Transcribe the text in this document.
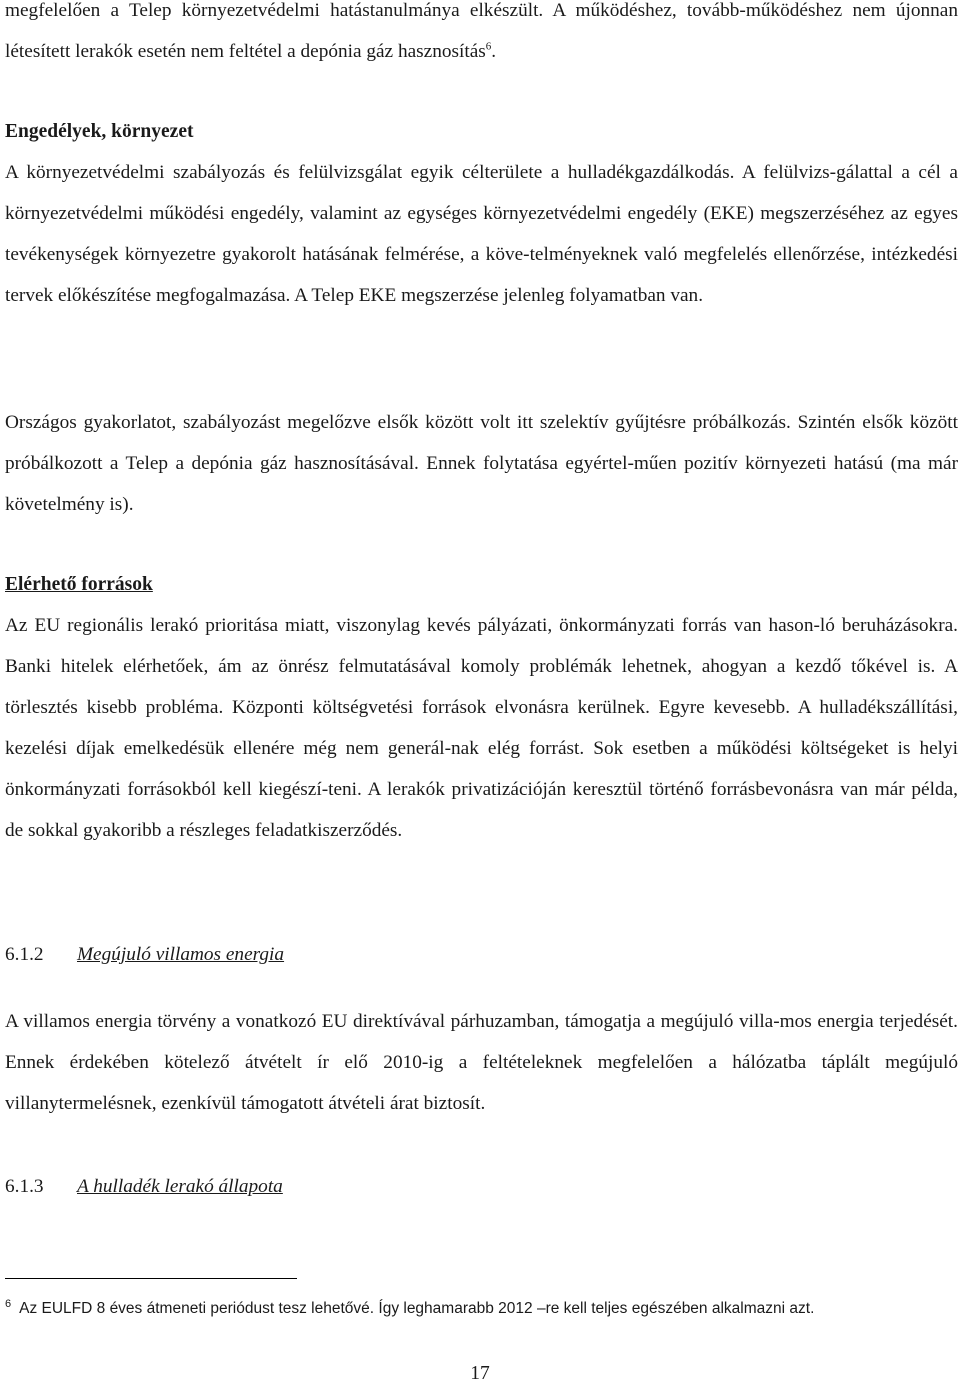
megfelelően a Telep környezetvédelmi hatástanulmánya elkészült. A működéshez, tovább-működéshez nem újonnan létesített lerakók esetén nem feltétel a depónia gáz hasznosítás$^6$.

Engedélyek, környezet

A környezetvédelmi szabályozás és felülvizsgálat egyik célterülete a hulladékgazdálkodás. A felülvizs-gálattal a cél a környezetvédelmi működési engedély, valamint az egységes környezetvédelmi engedély (EKE) megszerzéséhez az egyes tevékenységek környezetre gyakorolt hatásának felmérése, a köve-telményeknek való megfelelés ellenőrzése, intézkedési tervek előkészítése megfogalmazása. A Telep EKE megszerzése jelenleg folyamatban van.

Országos gyakorlatot, szabályozást megelőzve elsők között volt itt szelektív gyűjtésre próbálkozás. Szintén elsők között próbálkozott a Telep a depónia gáz hasznosításával. Ennek folytatása egyértel-műen pozitív környezeti hatású (ma már követelmény is).

Elérhető források

Az EU regionális lerakó prioritása miatt, viszonylag kevés pályázati, önkormányzati forrás van hason-ló beruházásokra. Banki hitelek elérhetőek, ám az önrész felmutatásával komoly problémák lehetnek, ahogyan a kezdő tőkével is. A törlesztés kisebb probléma. Központi költségvetési források elvonásra kerülnek. Egyre kevesebb. A hulladékszállítási, kezelési díjak emelkedésük ellenére még nem generál-nak elég forrást. Sok esetben a működési költségeket is helyi önkormányzati forrásokból kell kiegészí-teni. A lerakók privatizációján keresztül történő forrásbevonásra van már példa, de sokkal gyakoribb a részleges feladatkiszerződés.

6.1.2 Megújuló villamos energia

A villamos energia törvény a vonatkozó EU direktívával párhuzamban, támogatja a megújuló villa-mos energia terjedését. Ennek érdekében kötelező átvételt ír elő 2010-ig a feltételeknek megfelelően a hálózatba táplált megújuló villanytermelésnek, ezenkívül támogatott átvételi árat biztosít.

6.1.3 A hulladék lerakó állapota
$^6$ Az EULFD 8 éves átmeneti periódust tesz lehetővé. Így leghamarabb 2012 –re kell teljes egészében alkalmazni azt.
17
